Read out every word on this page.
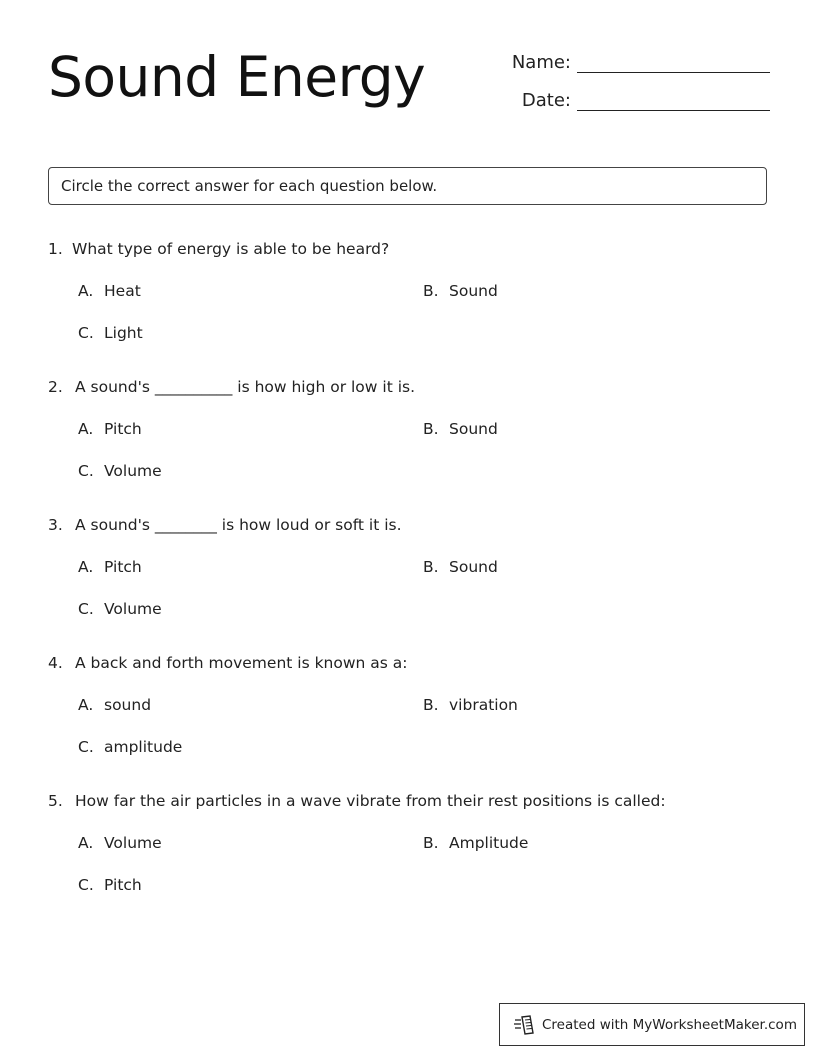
Sound Energy	Name:
Date:
Circle the correct answer for each question below.
1. What type of energy is able to be heard?
A. Heat	B. Sound
C. Light
2. A sound's __________ is how high or low it is.
A. Pitch	B. Sound
C. Volume
3. A sound's ________ is how loud or soft it is.
A. Pitch	B. Sound
C. Volume
4. A back and forth movement is known as a:
A. sound	B. vibration
C. amplitude
5. How far the air particles in a wave vibrate from their rest positions is called:
A. Volume	B. Amplitude
C. Pitch
Created with MyWorksheetMaker.com
